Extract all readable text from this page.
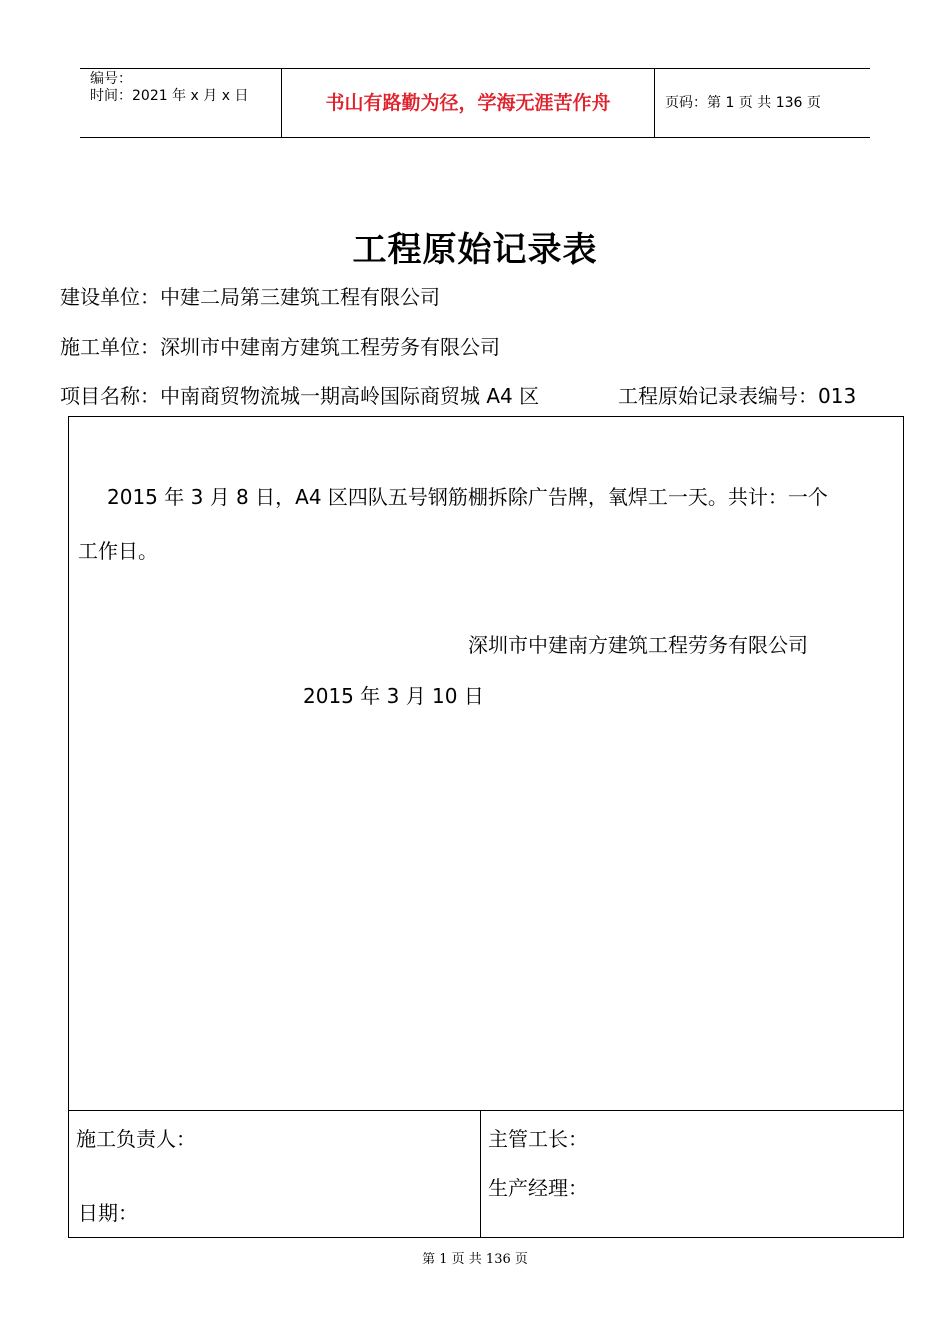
编号：
时间：2021 年 x 月 x 日	书山有路勤为径，学海无涯苦作舟	页码：第 1 页 共 136 页
工程原始记录表
建设单位：中建二局第三建筑工程有限公司
施工单位：深圳市中建南方建筑工程劳务有限公司
项目名称：中南商贸物流城一期高岭国际商贸城 A4 区	工程原始记录表编号：013
2015 年 3 月 8 日，A4 区四队五号钢筋棚拆除广告牌，氧焊工一天。共计：一个
工作日。
深圳市中建南方建筑工程劳务有限公司
2015 年 3 月 10 日
施工负责人：
日期：
主管工长：
生产经理：
第 1 页 共 136 页
